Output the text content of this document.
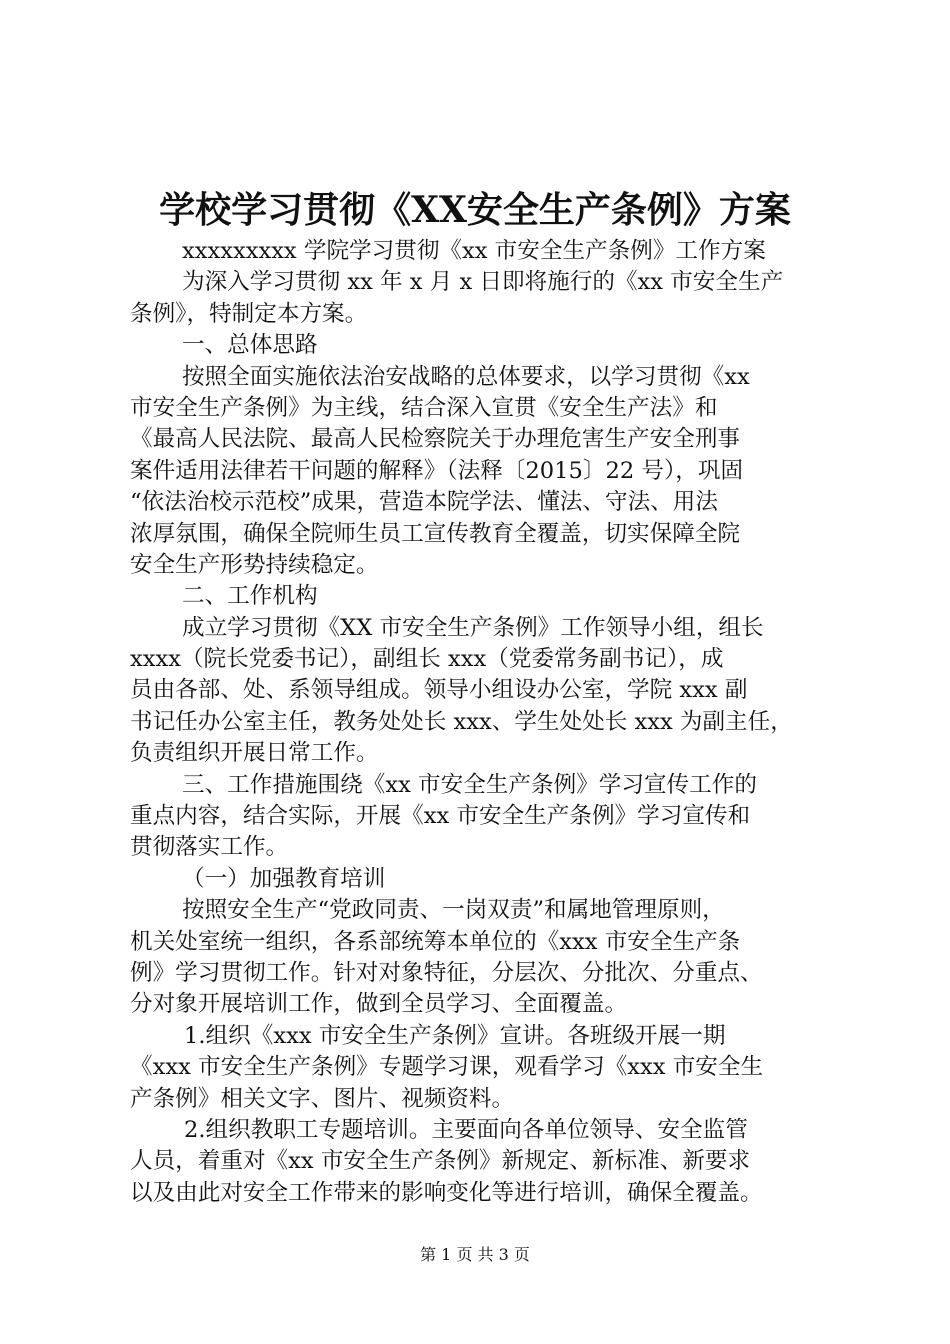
学校学习贯彻《XX安全生产条例》方案
xxxxxxxxx 学院学习贯彻《xx 市安全生产条例》工作方案
为深入学习贯彻 xx 年 x 月 x 日即将施行的《xx 市安全生产
条例》，特制定本方案。
一、总体思路
按照全面实施依法治安战略的总体要求，以学习贯彻《xx
市安全生产条例》为主线，结合深入宣贯《安全生产法》和
《最高人民法院、最高人民检察院关于办理危害生产安全刑事
案件适用法律若干问题的解释》（法释〔2015〕22 号），巩固
“依法治校示范校”成果，营造本院学法、懂法、守法、用法
浓厚氛围，确保全院师生员工宣传教育全覆盖，切实保障全院
安全生产形势持续稳定。
二、工作机构
成立学习贯彻《XX 市安全生产条例》工作领导小组，组长
xxxx（院长党委书记），副组长 xxx（党委常务副书记），成
员由各部、处、系领导组成。领导小组设办公室，学院 xxx 副
书记任办公室主任，教务处处长 xxx、学生处处长 xxx 为副主任，
负责组织开展日常工作。
三、工作措施围绕《xx 市安全生产条例》学习宣传工作的
重点内容，结合实际，开展《xx 市安全生产条例》学习宣传和
贯彻落实工作。
（一）加强教育培训
按照安全生产“党政同责、一岗双责”和属地管理原则，
机关处室统一组织，各系部统筹本单位的《xxx 市安全生产条
例》学习贯彻工作。针对对象特征，分层次、分批次、分重点、
分对象开展培训工作，做到全员学习、全面覆盖。
1.组织《xxx 市安全生产条例》宣讲。各班级开展一期
《xxx 市安全生产条例》专题学习课，观看学习《xxx 市安全生
产条例》相关文字、图片、视频资料。
2.组织教职工专题培训。主要面向各单位领导、安全监管
人员，着重对《xx 市安全生产条例》新规定、新标准、新要求
以及由此对安全工作带来的影响变化等进行培训，确保全覆盖。
第 1 页 共 3 页
